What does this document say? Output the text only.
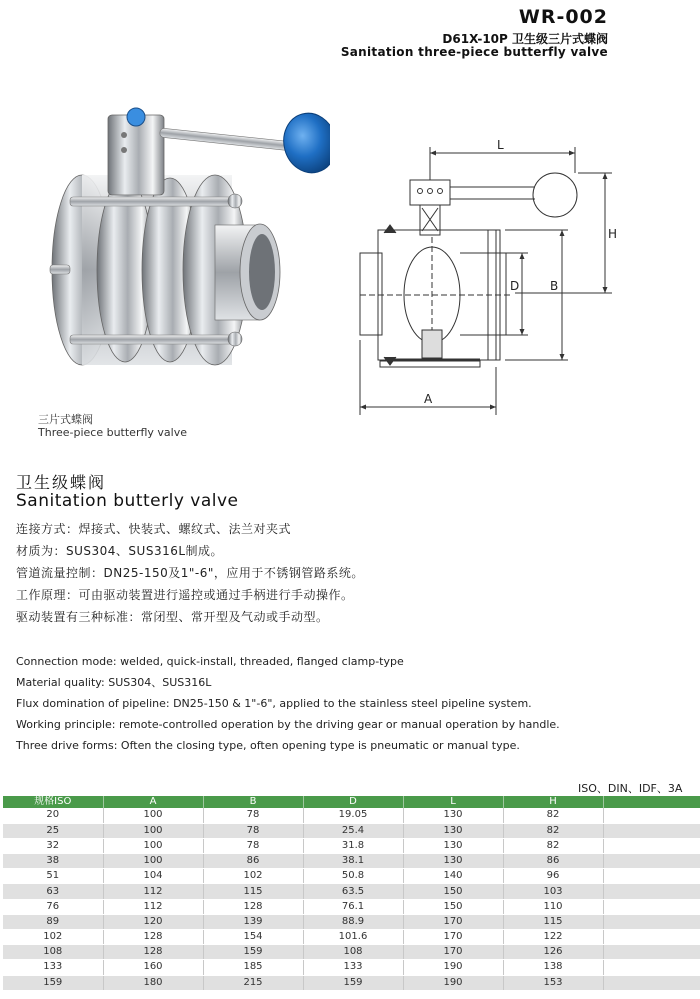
WR-002
D61X-10P 卫生级三片式蝶阀
Sanitation three-piece butterfly valve
三片式蝶阀
Three-piece butterfly valve
L
H
B
D
A
卫生级蝶阀
Sanitation butterly valve
连接方式：焊接式、快装式、螺纹式、法兰对夹式
材质为：SUS304、SUS316L制成。
管道流量控制：DN25-150及1"-6"，应用于不锈钢管路系统。
工作原理：可由驱动装置进行遥控或通过手柄进行手动操作。
驱动装置有三种标准：常闭型、常开型及气动或手动型。
Connection mode: welded, quick-install, threaded, flanged clamp-type
Material quality: SUS304、SUS316L
Flux domination of pipeline: DN25-150 & 1"-6", applied to the stainless steel pipeline system.
Working principle: remote-controlled operation by the driving gear or manual operation by handle.
Three drive forms: Often the closing type, often opening type is pneumatic or manual type.
ISO、DIN、IDF、3A
规格ISO	A	B	D	L	H	
20	100	78	19.05	130	82	
25	100	78	25.4	130	82	
32	100	78	31.8	130	82	
38	100	86	38.1	130	86	
51	104	102	50.8	140	96	
63	112	115	63.5	150	103	
76	112	128	76.1	150	110	
89	120	139	88.9	170	115	
102	128	154	101.6	170	122	
108	128	159	108	170	126	
133	160	185	133	190	138	
159	180	215	159	190	153	
